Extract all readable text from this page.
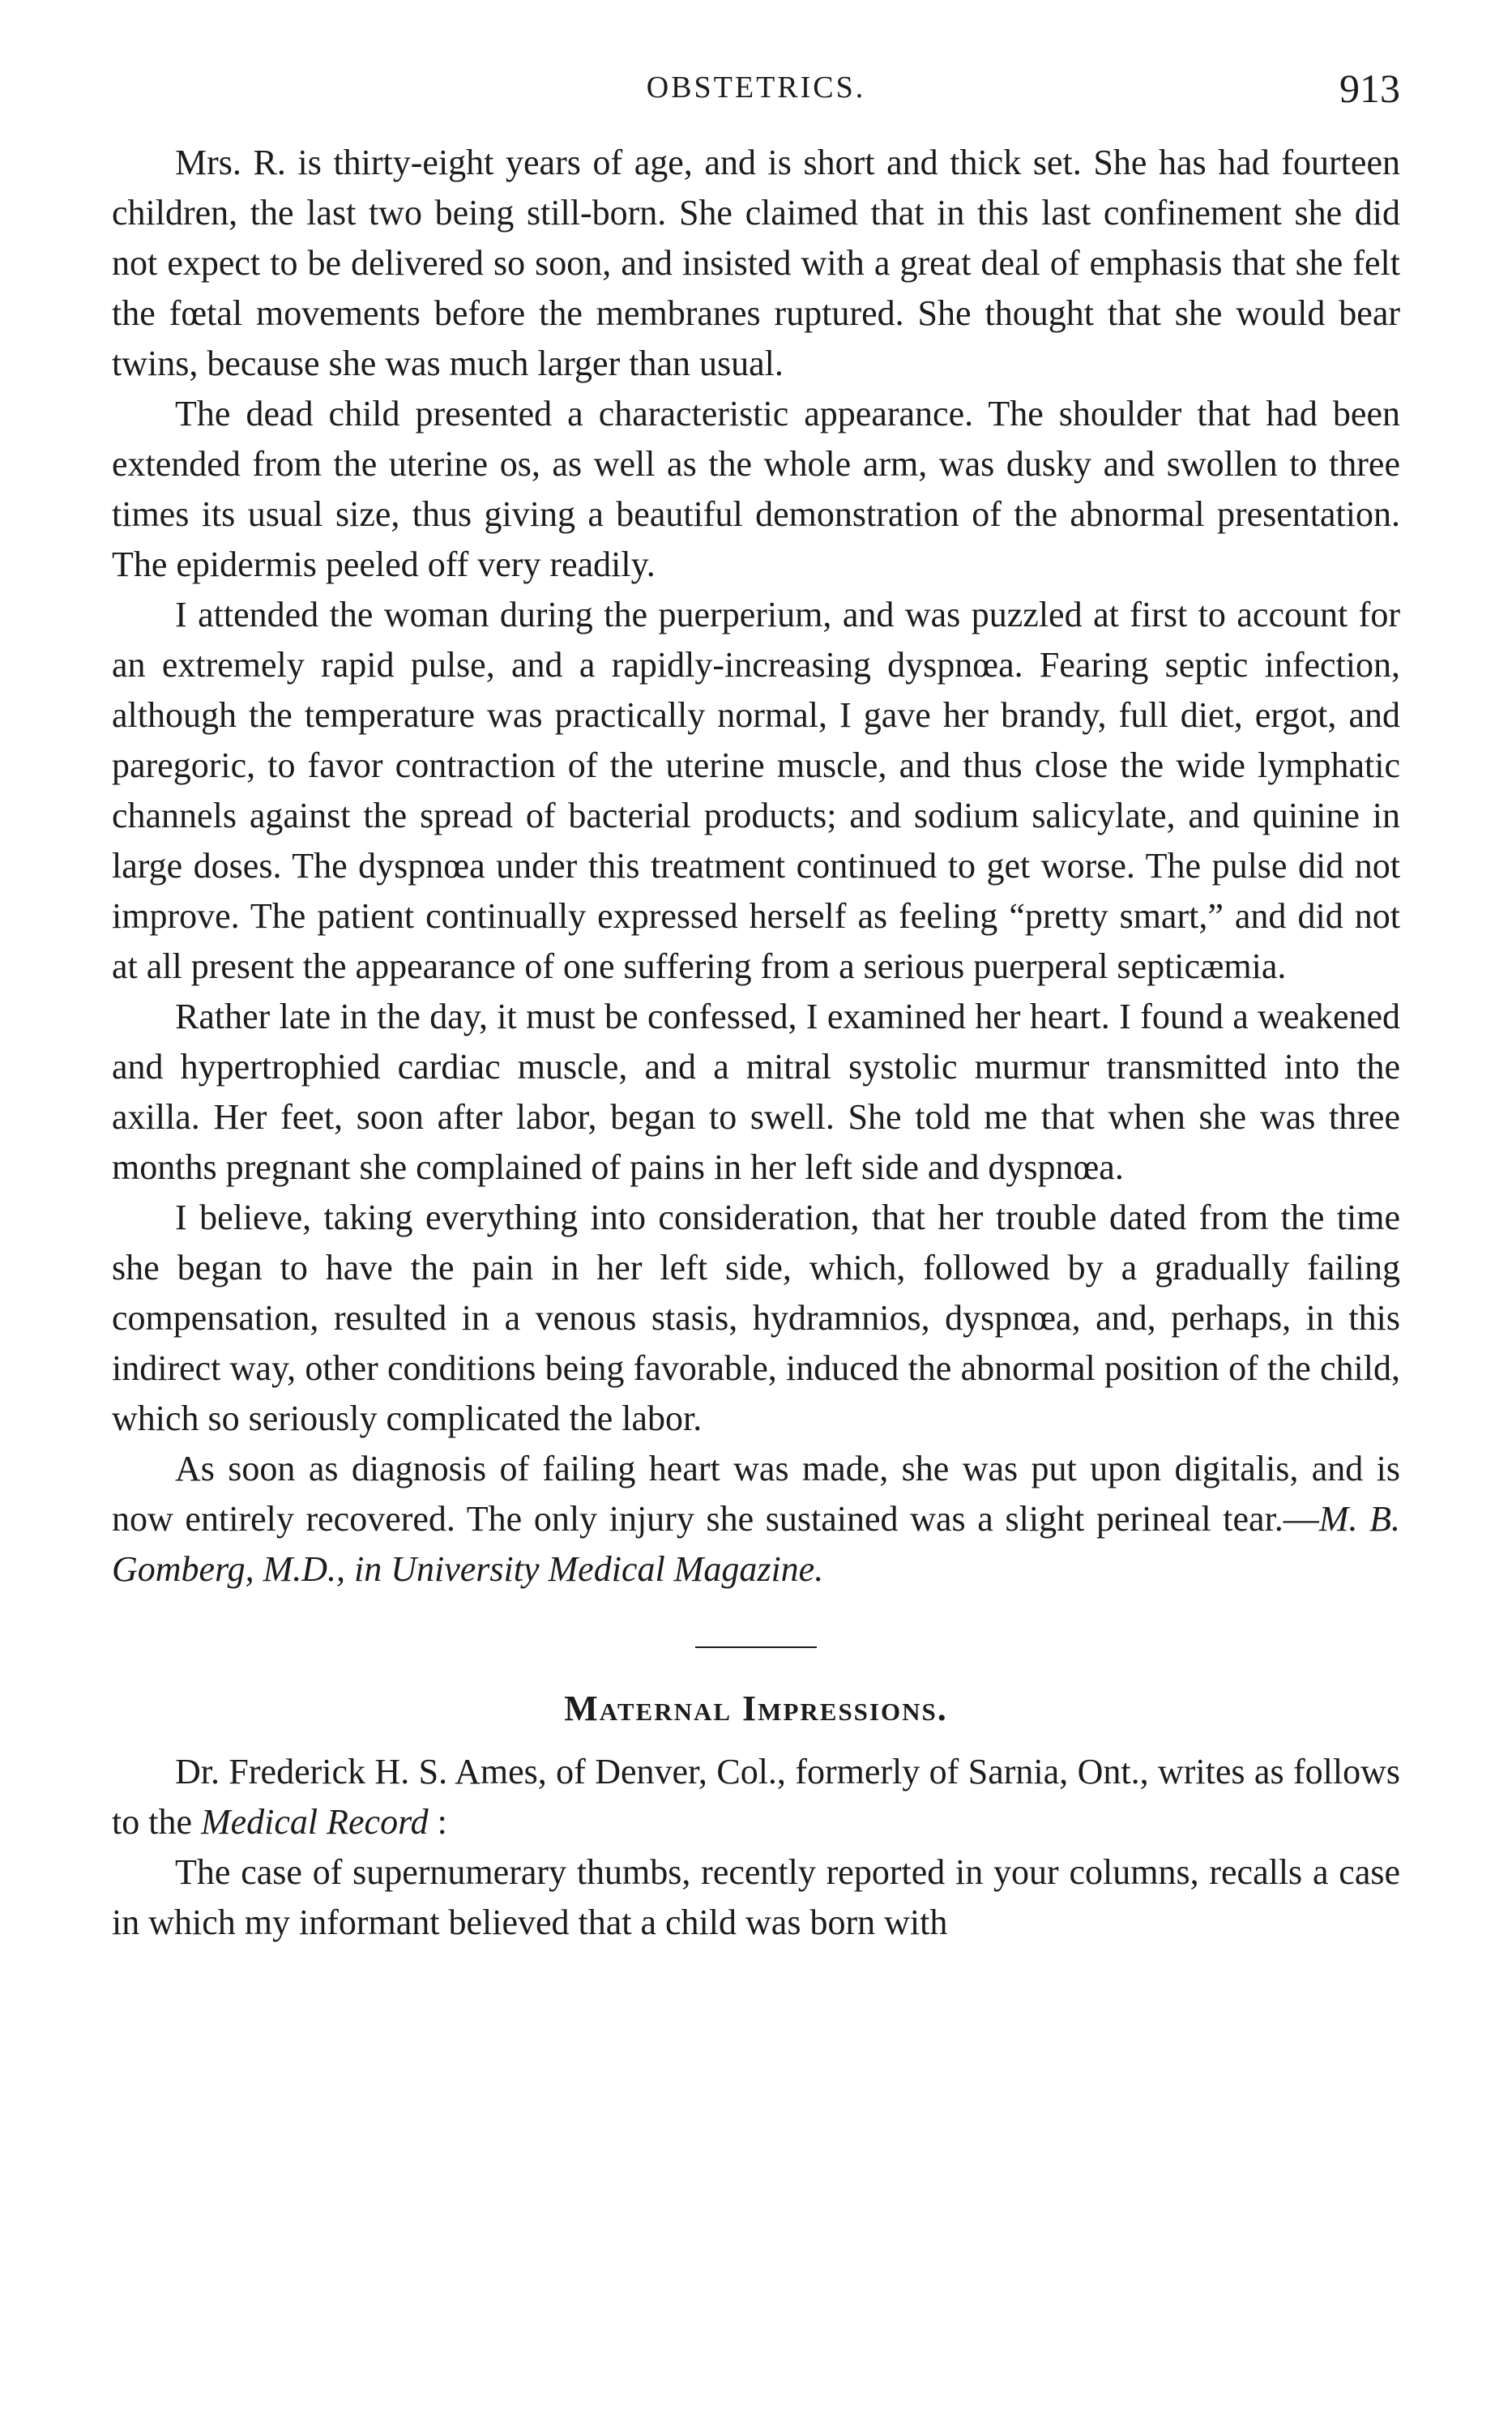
OBSTETRICS.	913

Mrs. R. is thirty-eight years of age, and is short and thick set. She has had fourteen children, the last two being still-born. She claimed that in this last confinement she did not expect to be delivered so soon, and insisted with a great deal of emphasis that she felt the fœtal movements before the membranes ruptured. She thought that she would bear twins, because she was much larger than usual.

The dead child presented a characteristic appearance. The shoulder that had been extended from the uterine os, as well as the whole arm, was dusky and swollen to three times its usual size, thus giving a beautiful demonstration of the abnormal presentation. The epidermis peeled off very readily.

I attended the woman during the puerperium, and was puzzled at first to account for an extremely rapid pulse, and a rapidly-increasing dyspnœa. Fearing septic infection, although the temperature was practically normal, I gave her brandy, full diet, ergot, and paregoric, to favor contraction of the uterine muscle, and thus close the wide lymphatic channels against the spread of bacterial products; and sodium salicylate, and quinine in large doses. The dyspnœa under this treatment continued to get worse. The pulse did not improve. The patient continually expressed herself as feeling “pretty smart,” and did not at all present the appearance of one suffering from a serious puerperal septicæmia.

Rather late in the day, it must be confessed, I examined her heart. I found a weakened and hypertrophied cardiac muscle, and a mitral systolic murmur transmitted into the axilla. Her feet, soon after labor, began to swell. She told me that when she was three months pregnant she complained of pains in her left side and dyspnœa.

I believe, taking everything into consideration, that her trouble dated from the time she began to have the pain in her left side, which, followed by a gradually failing compensation, resulted in a venous stasis, hydramnios, dyspnœa, and, perhaps, in this indirect way, other conditions being favorable, induced the abnormal position of the child, which so seriously complicated the labor.

As soon as diagnosis of failing heart was made, she was put upon digitalis, and is now entirely recovered. The only injury she sustained was a slight perineal tear.—M. B. Gomberg, M.D., in University Medical Magazine.

Maternal Impressions.

Dr. Frederick H. S. Ames, of Denver, Col., formerly of Sarnia, Ont., writes as follows to the Medical Record :

The case of supernumerary thumbs, recently reported in your columns, recalls a case in which my informant believed that a child was born with
